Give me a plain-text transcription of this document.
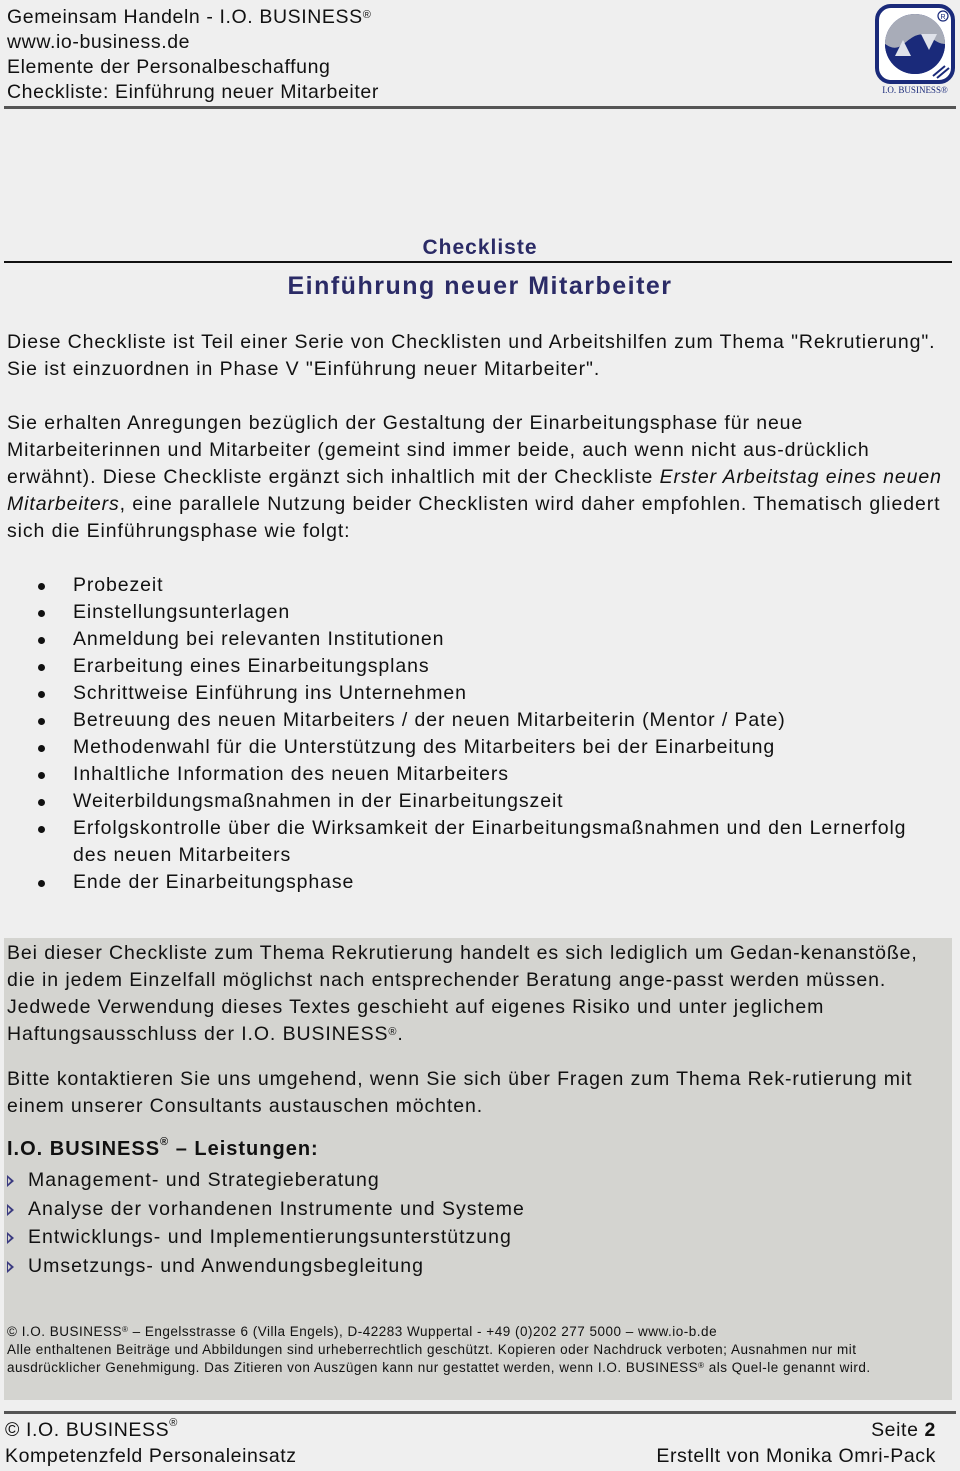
Gemeinsam Handeln - I.O. BUSINESS®
www.io-business.de
Elemente der Personalbeschaffung
Checkliste: Einführung neuer Mitarbeiter
R
I.O. BUSINESS®
Checkliste
Einführung neuer Mitarbeiter

Diese Checkliste ist Teil einer Serie von Checklisten und Arbeitshilfen zum Thema "Rekrutierung". Sie ist einzuordnen in Phase V "Einführung neuer Mitarbeiter".

Sie erhalten Anregungen bezüglich der Gestaltung der Einarbeitungsphase für neue Mitarbeiterinnen und Mitarbeiter (gemeint sind immer beide, auch wenn nicht aus-drücklich erwähnt). Diese Checkliste ergänzt sich inhaltlich mit der Checkliste Erster Arbeitstag eines neuen Mitarbeiters, eine parallele Nutzung beider Checklisten wird daher empfohlen. Thematisch gliedert sich die Einführungsphase wie folgt:

Probezeit
Einstellungsunterlagen
Anmeldung bei relevanten Institutionen
Erarbeitung eines Einarbeitungsplans
Schrittweise Einführung ins Unternehmen
Betreuung des neuen Mitarbeiters / der neuen Mitarbeiterin (Mentor / Pate)
Methodenwahl für die Unterstützung des Mitarbeiters bei der Einarbeitung
Inhaltliche Information des neuen Mitarbeiters
Weiterbildungsmaßnahmen in der Einarbeitungszeit
Erfolgskontrolle über die Wirksamkeit der Einarbeitungsmaßnahmen und den Lernerfolg des neuen Mitarbeiters
Ende der Einarbeitungsphase

Bei dieser Checkliste zum Thema Rekrutierung handelt es sich lediglich um Gedan-kenanstöße, die in jedem Einzelfall möglichst nach entsprechender Beratung ange-passt werden müssen. Jedwede Verwendung dieses Textes geschieht auf eigenes Risiko und unter jeglichem Haftungsausschluss der I.O. BUSINESS®.

Bitte kontaktieren Sie uns umgehend, wenn Sie sich über Fragen zum Thema Rek-rutierung mit einem unserer Consultants austauschen möchten.

I.O. BUSINESS® – Leistungen:
Management- und Strategieberatung
Analyse der vorhandenen Instrumente und Systeme
Entwicklungs- und Implementierungsunterstützung
Umsetzungs- und Anwendungsbegleitung

© I.O. BUSINESS® – Engelsstrasse 6 (Villa Engels), D-42283 Wuppertal - +49 (0)202 277 5000 – www.io-b.de

Alle enthaltenen Beiträge und Abbildungen sind urheberrechtlich geschützt. Kopieren oder Nachdruck verboten; Ausnahmen nur mit ausdrücklicher Genehmigung. Das Zitieren von Auszügen kann nur gestattet werden, wenn I.O. BUSINESS® als Quel-le genannt wird.

© I.O. BUSINESS®
Kompetenzfeld Personaleinsatz
Seite 2
Erstellt von Monika Omri-Pack
